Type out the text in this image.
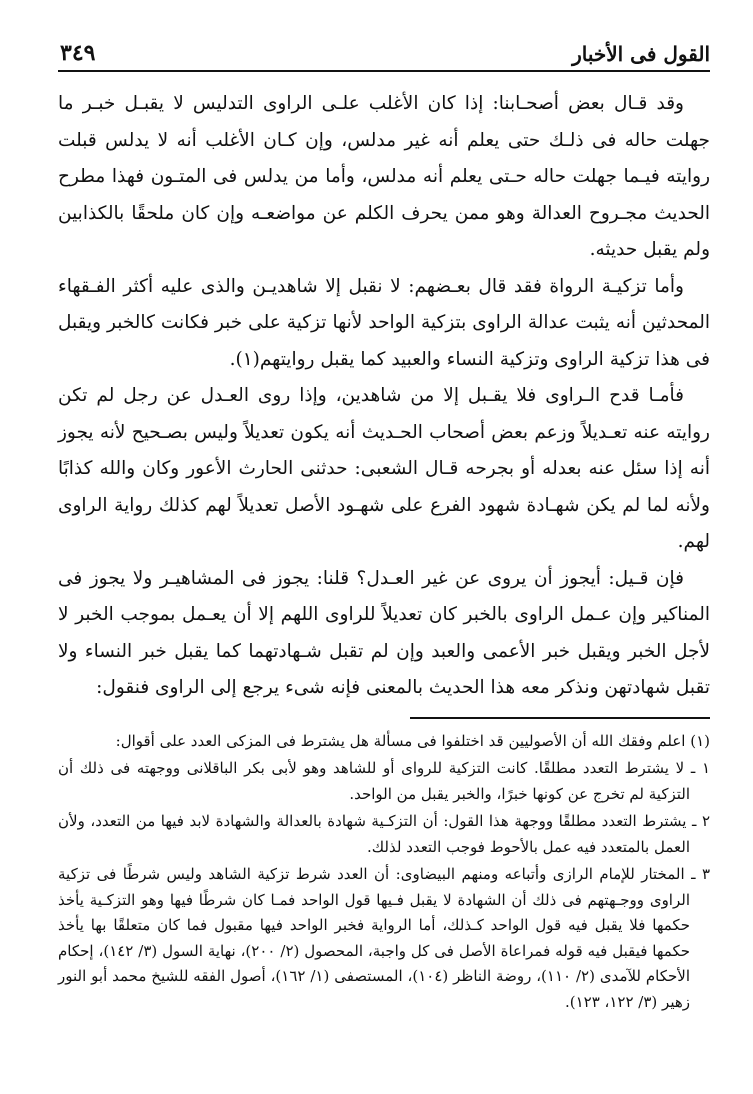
القول فى الأخبار
٣٤٩

وقد قـال بعض أصحـابنا: إذا كان الأغلب علـى الراوى التدليس لا يقبـل خبـر ما جهلت حاله فى ذلـك حتى يعلم أنه غير مدلس، وإن كـان الأغلب أنه لا يدلس قبلت روايته فيـما جهلت حاله حـتى يعلم أنه مدلس، وأما من يدلس فى المتـون فهذا مطرح الحديث مجـروح العدالة وهو ممن يحرف الكلم عن مواضعـه وإن كان ملحقًا بالكذابين ولم يقبل حديثه.

وأما تزكيـة الرواة فقد قال بعـضهم: لا نقبل إلا شاهديـن والذى عليه أكثر الفـقهاء المحدثين أنه يثبت عدالة الراوى بتزكية الواحد لأنها تزكية على خبر فكانت كالخبر ويقبل فى هذا تزكية الراوى وتزكية النساء والعبيد كما يقبل روايتهم(١).

فأمـا قدح الـراوى فلا يقـبل إلا من شاهدين، وإذا روى العـدل عن رجل لم تكن روايته عنه تعـديلاً وزعم بعض أصحاب الحـديث أنه يكون تعديلاً وليس بصـحيح لأنه يجوز أنه إذا سئل عنه بعدله أو بجرحه قـال الشعبى: حدثنى الحارث الأعور وكان والله كذابًا ولأنه لما لم يكن شهـادة شهود الفرع على شهـود الأصل تعديلاً لهم كذلك رواية الراوى لهم.

فإن قـيل: أيجوز أن يروى عن غير العـدل؟ قلنا: يجوز فى المشاهيـر ولا يجوز فى المناكير وإن عـمل الراوى بالخبر كان تعديلاً للراوى اللهم إلا أن يعـمل بموجب الخبر لا لأجل الخبر ويقبل خبر الأعمى والعبد وإن لم تقبل شـهادتهما كما يقبل خبر النساء ولا تقبل شهادتهن ونذكر معه هذا الحديث بالمعنى فإنه شىء يرجع إلى الراوى فنقول:

(١) اعلم وفقك الله أن الأصوليين قد اختلفوا فى مسألة هل يشترط فى المزكى العدد على أقوال:

١ ـ لا يشترط التعدد مطلقًا. كانت التزكية للرواى أو للشاهد وهو لأبى بكر الباقلانى ووجهته فى ذلك أن التزكية لم تخرج عن كونها خبرًا، والخبر يقبل من الواحد.

٢ ـ يشترط التعدد مطلقًا ووجهة هذا القول: أن التزكـية شهادة بالعدالة والشهادة لابد فيها من التعدد، ولأن العمل بالمتعدد فيه عمل بالأحوط فوجب التعدد لذلك.

٣ ـ المختار للإمام الرازى وأتباعه ومنهم البيضاوى: أن العدد شرط تزكية الشاهد وليس شرطًا فى تزكية الراوى ووجـهتهم فى ذلك أن الشهادة لا يقبل فـيها قول الواحد فمـا كان شرطًا فيها وهو التزكـية يأخذ حكمها فلا يقبل فيه قول الواحد كـذلك، أما الرواية فخبر الواحد فيها مقبول فما كان متعلقًا بها يأخذ حكمها فيقبل فيه قوله فمراعاة الأصل فى كل واجبة، المحصول (٢/ ٢٠٠)، نهاية السول (٣/ ١٤٢)، إحكام الأحكام للآمدى (٢/ ١١٠)، روضة الناظر (١٠٤)، المستصفى (١/ ١٦٢)، أصول الفقه للشيخ محمد أبو النور زهير (٣/ ١٢٢، ١٢٣).
